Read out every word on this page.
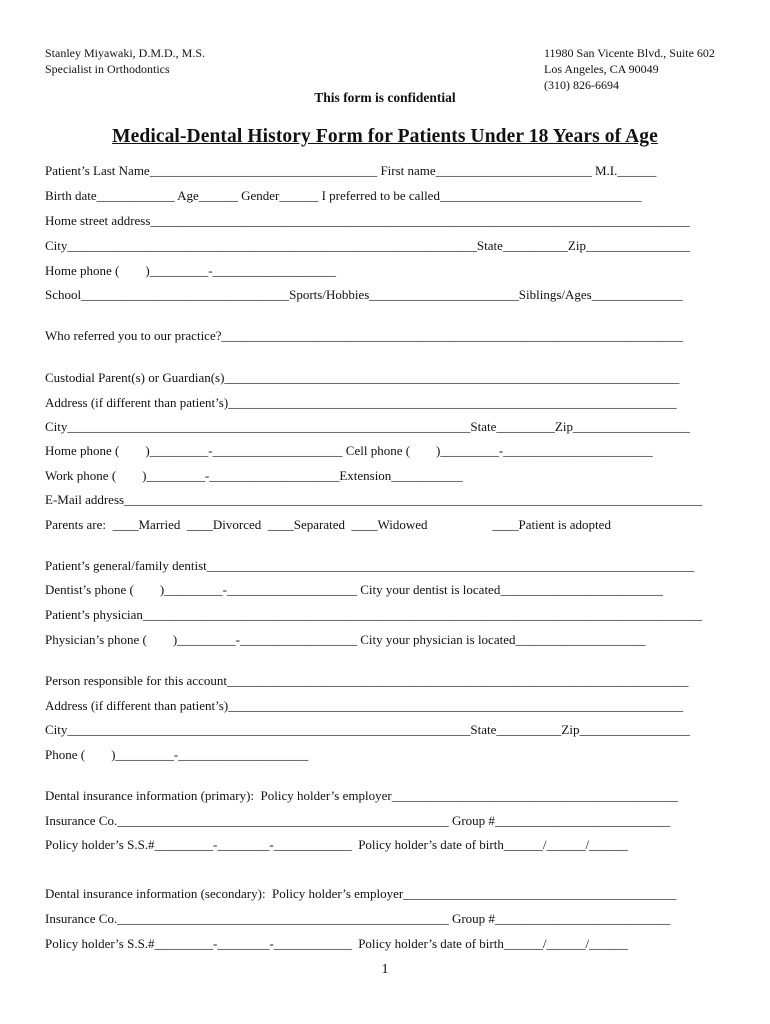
Stanley Miyawaki, D.M.D., M.S.
Specialist in Orthodontics
11980 San Vicente Blvd., Suite 602
Los Angeles, CA 90049
(310) 826-6694
This form is confidential
Medical-Dental History Form for Patients Under 18 Years of Age
Patient’s Last Name___________________________________ First name________________________ M.I.______
Birth date____________ Age______ Gender______ I preferred to be called_______________________________
Home street address___________________________________________________________________________________
City_______________________________________________________________State__________Zip________________
Home phone (        )_________-___________________
School________________________________Sports/Hobbies_______________________Siblings/Ages______________
Who referred you to our practice?_______________________________________________________________________
Custodial Parent(s) or Guardian(s)______________________________________________________________________
Address (if different than patient’s)_____________________________________________________________________
City______________________________________________________________State_________Zip__________________
Home phone (        )_________-____________________ Cell phone (        )_________-_______________________
Work phone (        )_________-____________________Extension___________
E-Mail address_________________________________________________________________________________________
Parents are:  ____Married  ____Divorced  ____Separated  ____Widowed                    ____Patient is adopted
Patient’s general/family dentist___________________________________________________________________________
Dentist’s phone (        )_________-____________________ City your dentist is located_________________________
Patient’s physician______________________________________________________________________________________
Physician’s phone (        )_________-__________________ City your physician is located____________________
Person responsible for this account_______________________________________________________________________
Address (if different than patient’s)______________________________________________________________________
City______________________________________________________________State__________Zip_________________
Phone (        )_________-____________________
Dental insurance information (primary):  Policy holder’s employer____________________________________________
Insurance Co.___________________________________________________ Group #___________________________
Policy holder’s S.S.#_________-________-____________  Policy holder’s date of birth______/______/______
Dental insurance information (secondary):  Policy holder’s employer__________________________________________
Insurance Co.___________________________________________________ Group #___________________________
Policy holder’s S.S.#_________-________-____________  Policy holder’s date of birth______/______/______
1
